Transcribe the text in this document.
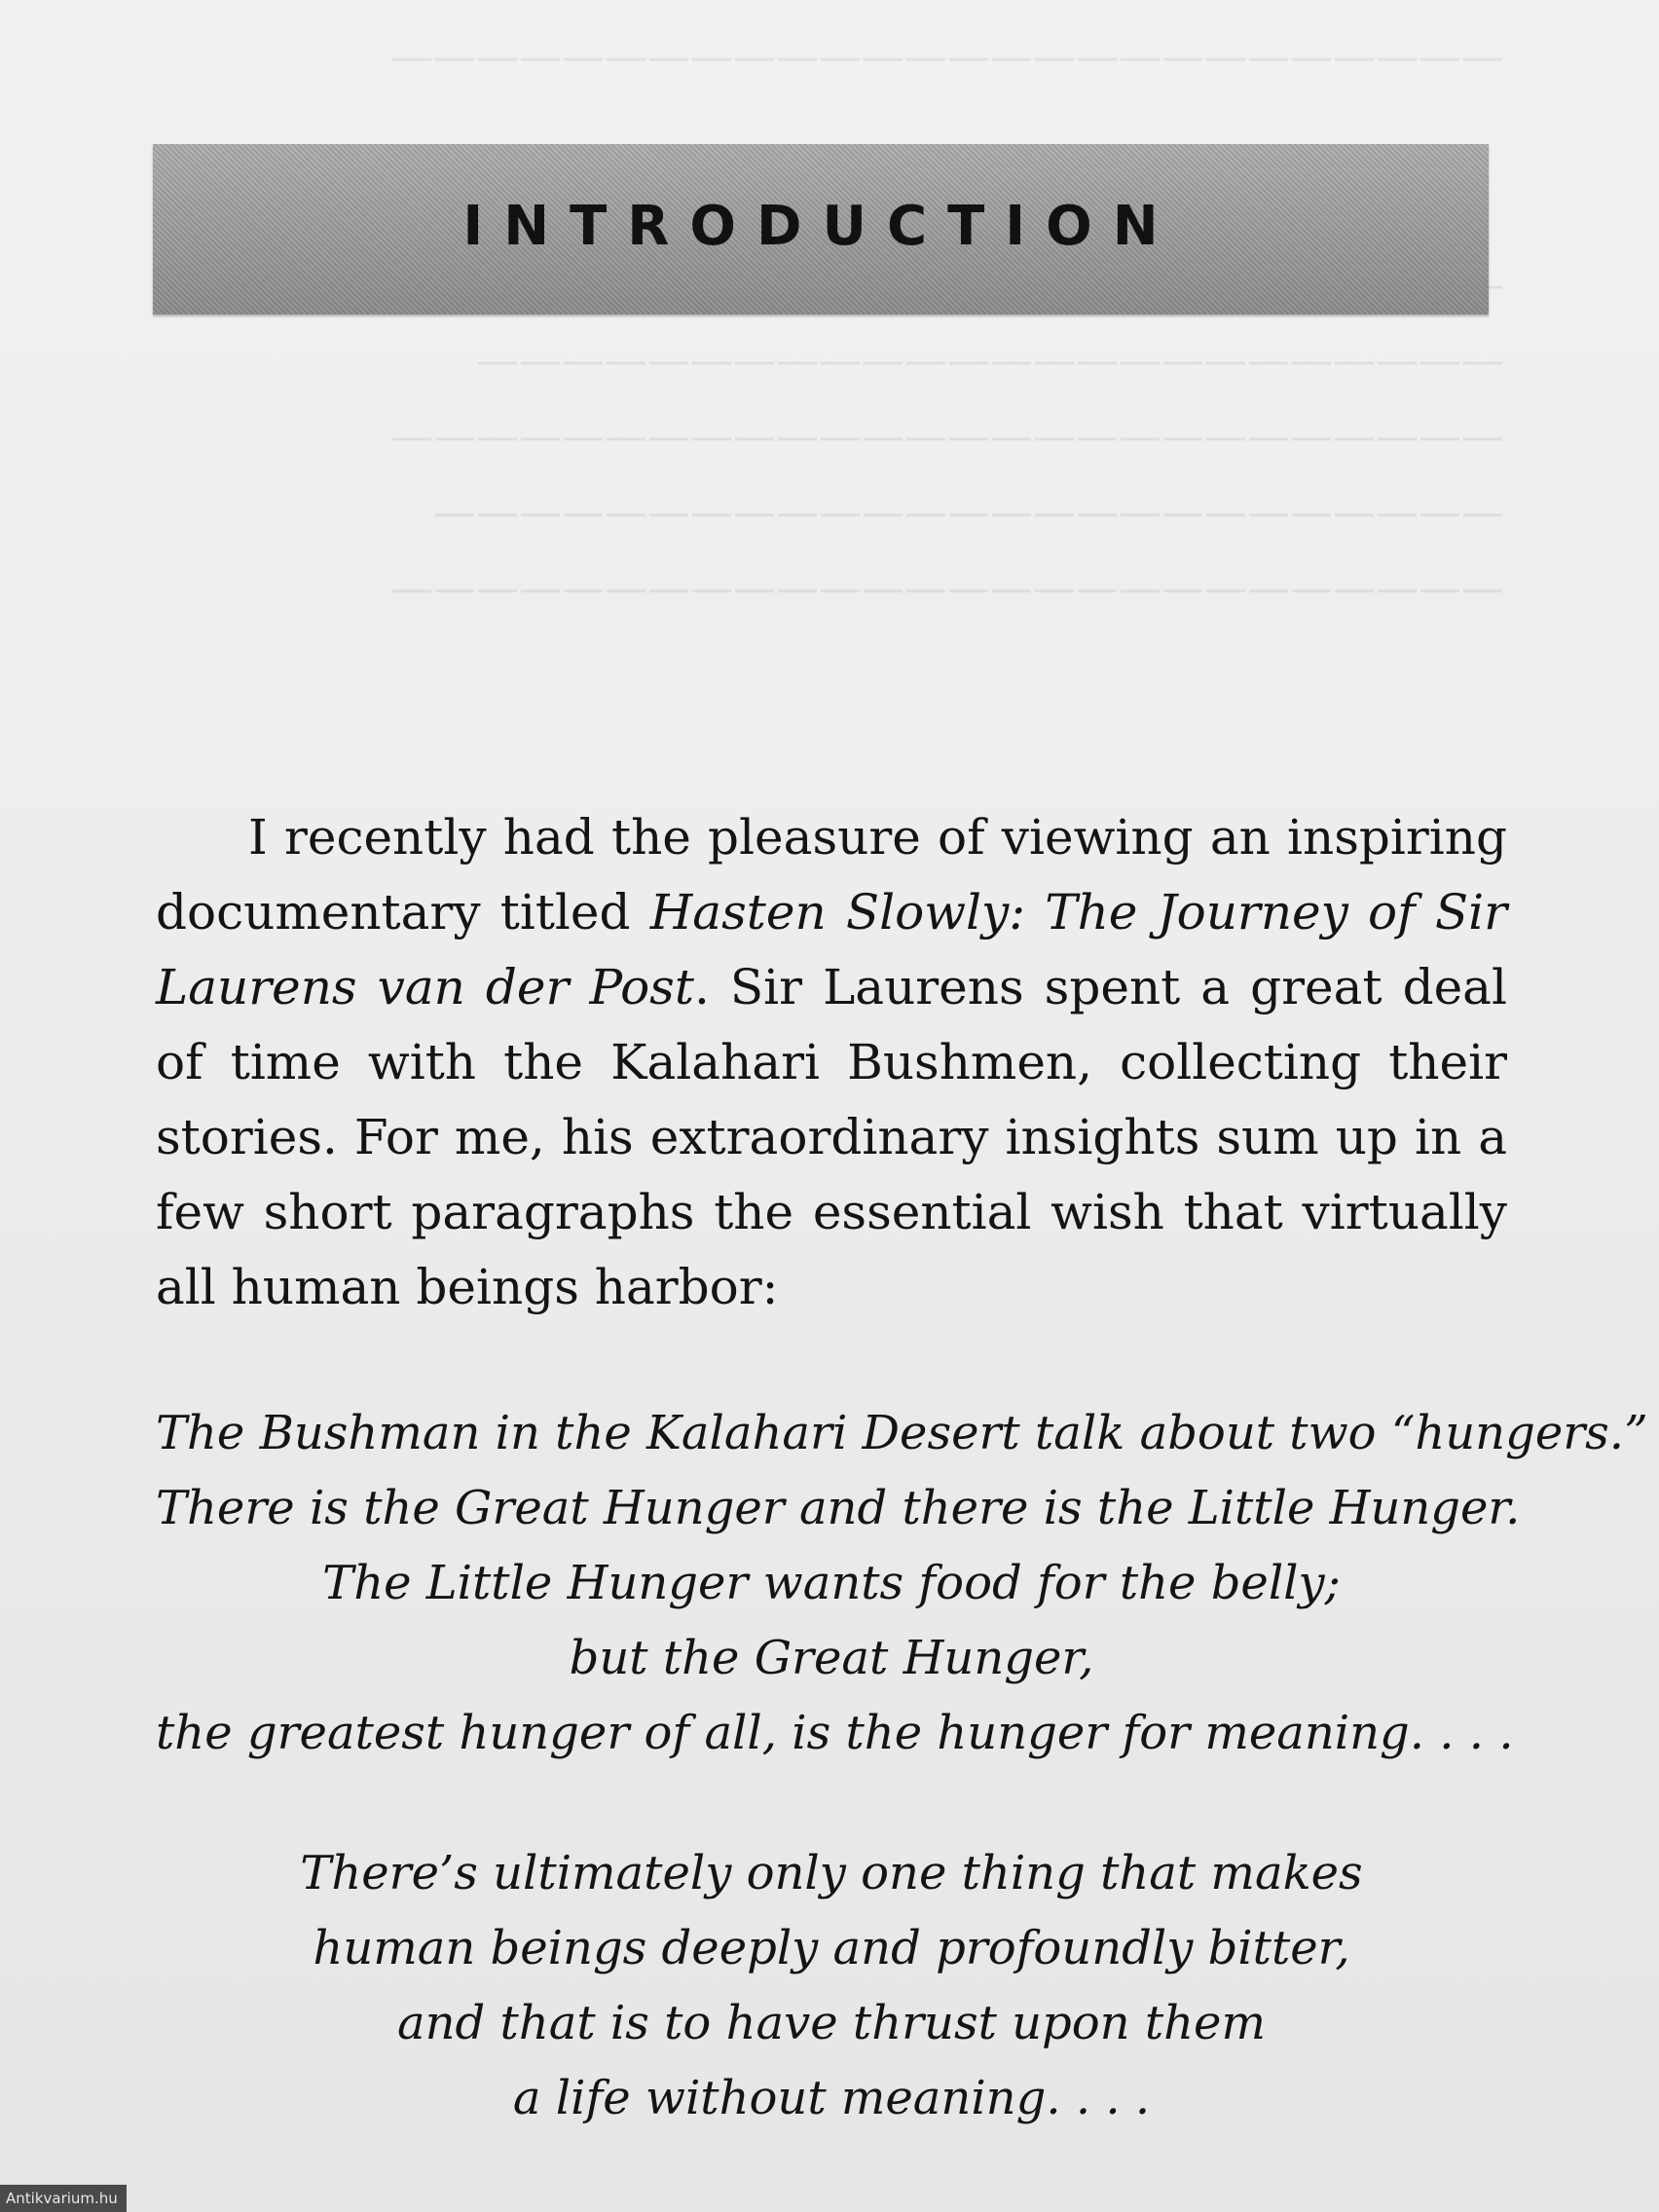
——————————————————————————

————————————————————————
——————————————————————————
—————————————————————————
——————————————————————————

INTRODUCTION

I recently had the pleasure of viewing an inspiring documentary titled Hasten Slowly: The Journey of Sir Laurens van der Post. Sir Laurens spent a great deal of time with the Kalahari Bushmen, collecting their stories. For me, his extraordinary insights sum up in a few short paragraphs the essential wish that virtually all human beings harbor:

The Bushman in the Kalahari Desert talk about two “hungers.”
There is the Great Hunger and there is the Little Hunger.
The Little Hunger wants food for the belly;
but the Great Hunger,
the greatest hunger of all, is the hunger for meaning. . . .
There’s ultimately only one thing that makes
human beings deeply and profoundly bitter,
and that is to have thrust upon them
a life without meaning. . . .
Antikvarium.hu
